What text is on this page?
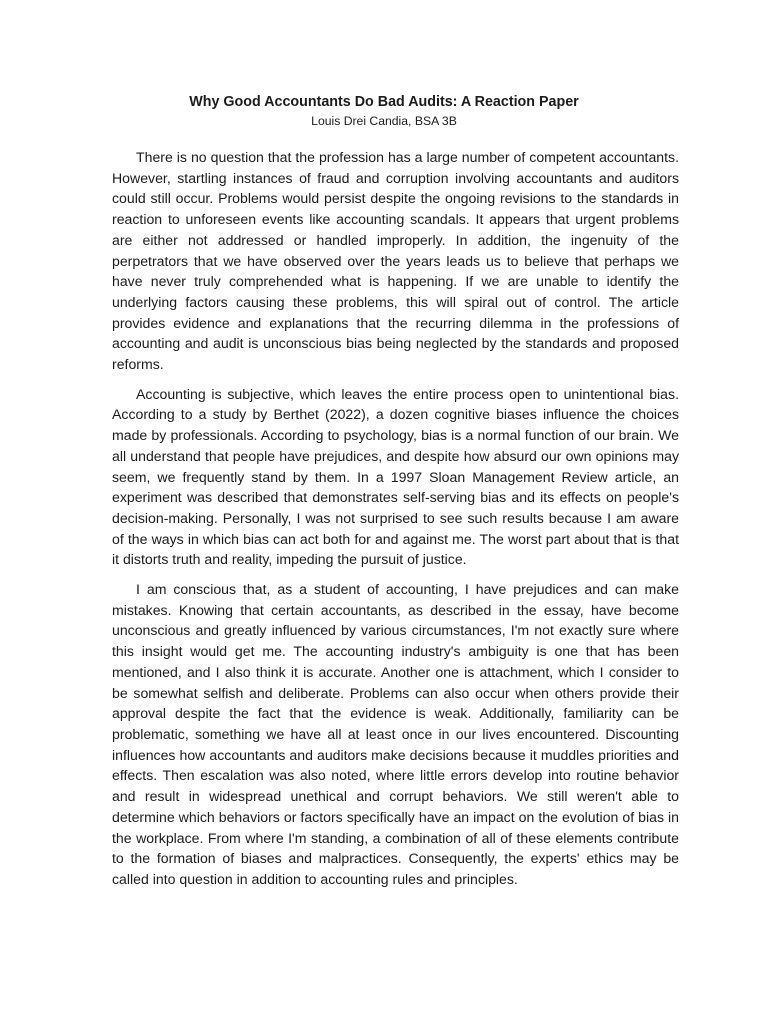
Why Good Accountants Do Bad Audits: A Reaction Paper
Louis Drei Candia, BSA 3B

There is no question that the profession has a large number of competent accountants. However, startling instances of fraud and corruption involving accountants and auditors could still occur. Problems would persist despite the ongoing revisions to the standards in reaction to unforeseen events like accounting scandals. It appears that urgent problems are either not addressed or handled improperly. In addition, the ingenuity of the perpetrators that we have observed over the years leads us to believe that perhaps we have never truly comprehended what is happening. If we are unable to identify the underlying factors causing these problems, this will spiral out of control. The article provides evidence and explanations that the recurring dilemma in the professions of accounting and audit is unconscious bias being neglected by the standards and proposed reforms.

Accounting is subjective, which leaves the entire process open to unintentional bias. According to a study by Berthet (2022), a dozen cognitive biases influence the choices made by professionals. According to psychology, bias is a normal function of our brain. We all understand that people have prejudices, and despite how absurd our own opinions may seem, we frequently stand by them. In a 1997 Sloan Management Review article, an experiment was described that demonstrates self-serving bias and its effects on people's decision-making. Personally, I was not surprised to see such results because I am aware of the ways in which bias can act both for and against me. The worst part about that is that it distorts truth and reality, impeding the pursuit of justice.

I am conscious that, as a student of accounting, I have prejudices and can make mistakes. Knowing that certain accountants, as described in the essay, have become unconscious and greatly influenced by various circumstances, I'm not exactly sure where this insight would get me. The accounting industry's ambiguity is one that has been mentioned, and I also think it is accurate. Another one is attachment, which I consider to be somewhat selfish and deliberate. Problems can also occur when others provide their approval despite the fact that the evidence is weak. Additionally, familiarity can be problematic, something we have all at least once in our lives encountered. Discounting influences how accountants and auditors make decisions because it muddles priorities and effects. Then escalation was also noted, where little errors develop into routine behavior and result in widespread unethical and corrupt behaviors. We still weren't able to determine which behaviors or factors specifically have an impact on the evolution of bias in the workplace. From where I'm standing, a combination of all of these elements contribute to the formation of biases and malpractices. Consequently, the experts' ethics may be called into question in addition to accounting rules and principles.
